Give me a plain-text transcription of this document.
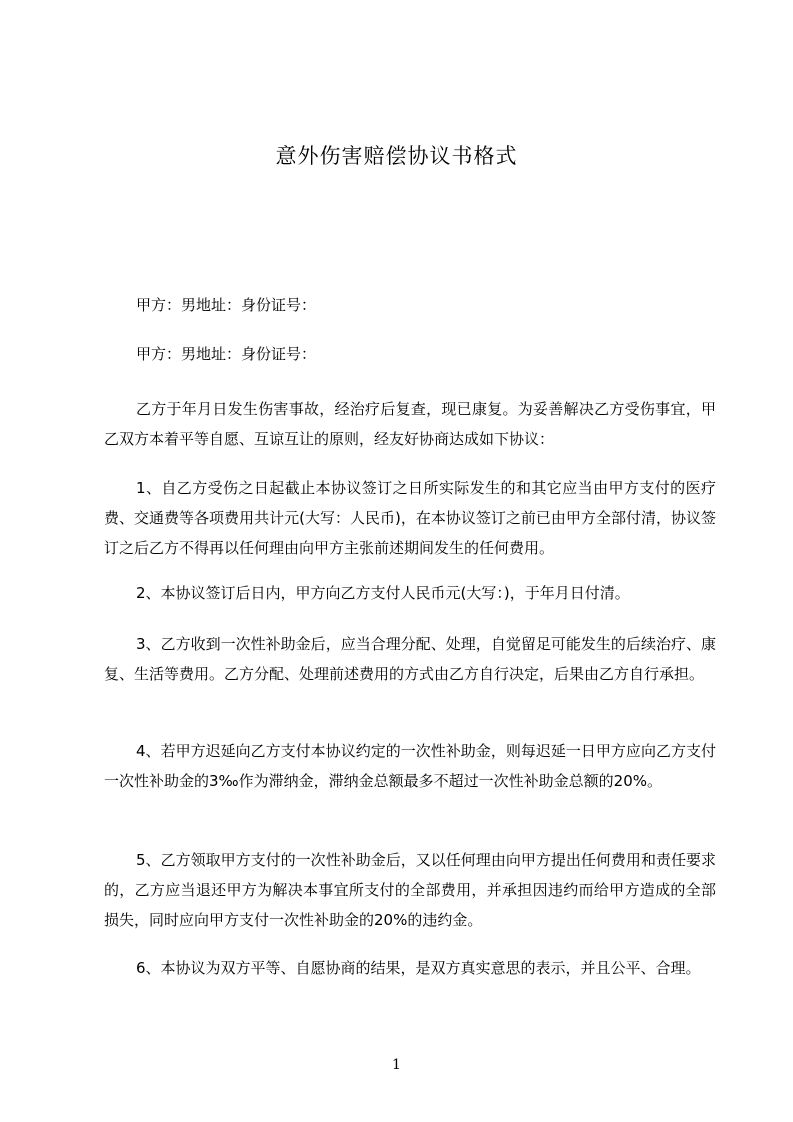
意外伤害赔偿协议书格式

甲方：男地址：身份证号：

甲方：男地址：身份证号：

乙方于年月日发生伤害事故，经治疗后复查，现已康复。为妥善解决乙方受伤事宜，甲乙双方本着平等自愿、互谅互让的原则，经友好协商达成如下协议：

1、自乙方受伤之日起截止本协议签订之日所实际发生的和其它应当由甲方支付的医疗费、交通费等各项费用共计元(大写：人民币)，在本协议签订之前已由甲方全部付清，协议签订之后乙方不得再以任何理由向甲方主张前述期间发生的任何费用。

2、本协议签订后日内，甲方向乙方支付人民币元(大写：)，于年月日付清。

3、乙方收到一次性补助金后，应当合理分配、处理，自觉留足可能发生的后续治疗、康复、生活等费用。乙方分配、处理前述费用的方式由乙方自行决定，后果由乙方自行承担。

4、若甲方迟延向乙方支付本协议约定的一次性补助金，则每迟延一日甲方应向乙方支付一次性补助金的3‰作为滞纳金，滞纳金总额最多不超过一次性补助金总额的20%。

5、乙方领取甲方支付的一次性补助金后，又以任何理由向甲方提出任何费用和责任要求的，乙方应当退还甲方为解决本事宜所支付的全部费用，并承担因违约而给甲方造成的全部损失，同时应向甲方支付一次性补助金的20%的违约金。

6、本协议为双方平等、自愿协商的结果，是双方真实意思的表示，并且公平、合理。

1
